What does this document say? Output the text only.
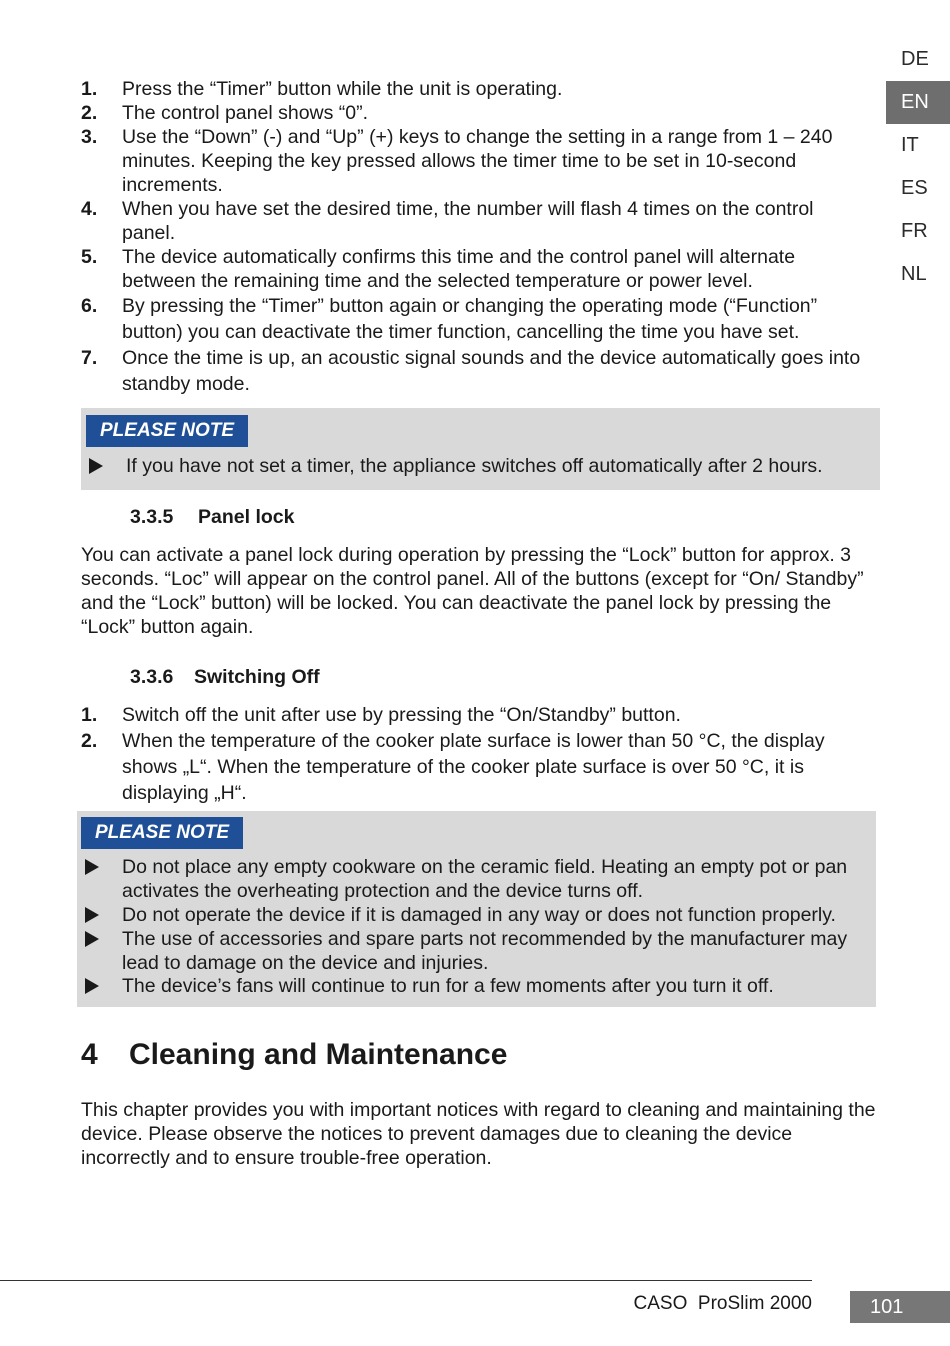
DE
EN
IT
ES
FR
NL
1. Press the “Timer” button while the unit is operating.
2. The control panel shows “0”.
3. Use the “Down” (-) and “Up” (+) keys to change the setting in a range from 1 – 240 minutes. Keeping the key pressed allows the timer time to be set in 10-second increments.
4. When you have set the desired time, the number will flash 4 times on the control panel.
5. The device automatically confirms this time and the control panel will alternate between the remaining time and the selected temperature or power level.
6. By pressing the “Timer” button again or changing the operating mode (“Function” button) you can deactivate the timer function, cancelling the time you have set.
7. Once the time is up, an acoustic signal sounds and the device automatically goes into standby mode.
PLEASE NOTE
If you have not set a timer, the appliance switches off automatically after 2 hours.
3.3.5 Panel lock

You can activate a panel lock during operation by pressing the “Lock” button for approx. 3 seconds. “Loc” will appear on the control panel. All of the buttons (except for “On/ Standby” and the “Lock” button) will be locked. You can deactivate the panel lock by pressing the “Lock” button again.

3.3.6 Switching Off
1. Switch off the unit after use by pressing the “On/Standby” button.
2. When the temperature of the cooker plate surface is lower than 50 °C, the display shows „L“. When the temperature of the cooker plate surface is over 50 °C, it is displaying „H“.
PLEASE NOTE
Do not place any empty cookware on the ceramic field. Heating an empty pot or pan activates the overheating protection and the device turns off.
Do not operate the device if it is damaged in any way or does not function properly.
The use of accessories and spare parts not recommended by the manufacturer may lead to damage on the device and injuries.
The device’s fans will continue to run for a few moments after you turn it off.
4 Cleaning and Maintenance

This chapter provides you with important notices with regard to cleaning and maintaining the device. Please observe the notices to prevent damages due to cleaning the device incorrectly and to ensure trouble-free operation.

CASO  ProSlim 2000	101
